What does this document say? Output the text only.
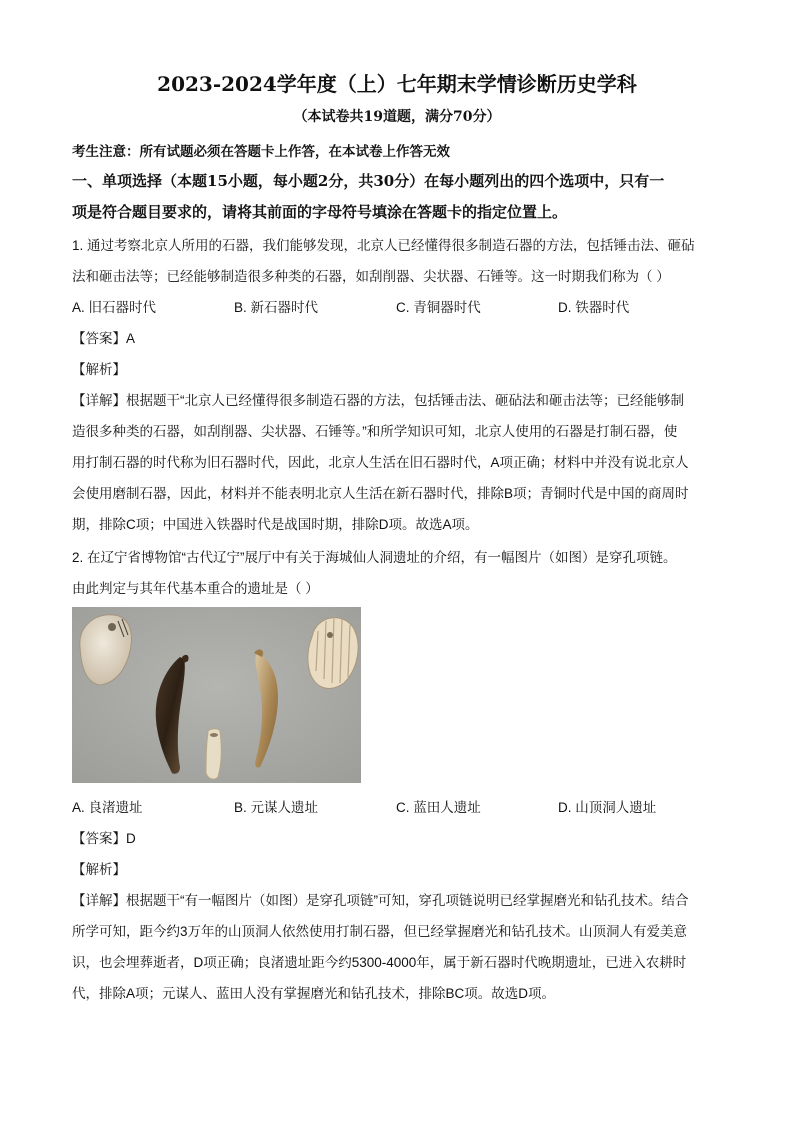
2023-2024学年度（上）七年期末学情诊断历史学科
（本试卷共19道题，满分70分）
考生注意：所有试题必须在答题卡上作答，在本试卷上作答无效
一、单项选择（本题15小题，每小题2分，共30分）在每小题列出的四个选项中，只有一
项是符合题目要求的，请将其前面的字母符号填涂在答题卡的指定位置上。
1. 通过考察北京人所用的石器，我们能够发现，北京人已经懂得很多制造石器的方法，包括锤击法、砸砧
法和砸击法等；已经能够制造很多种类的石器，如刮削器、尖状器、石锤等。这一时期我们称为（ ）
A. 旧石器时代	B. 新石器时代	C. 青铜器时代	D. 铁器时代
【答案】A
【解析】
【详解】根据题干“北京人已经懂得很多制造石器的方法，包括锤击法、砸砧法和砸击法等；已经能够制
造很多种类的石器，如刮削器、尖状器、石锤等。”和所学知识可知，北京人使用的石器是打制石器，使
用打制石器的时代称为旧石器时代，因此，北京人生活在旧石器时代，A项正确；材料中并没有说北京人
会使用磨制石器，因此，材料并不能表明北京人生活在新石器时代，排除B项；青铜时代是中国的商周时
期，排除C项；中国进入铁器时代是战国时期，排除D项。故选A项。
2. 在辽宁省博物馆“古代辽宁”展厅中有关于海城仙人洞遗址的介绍，有一幅图片（如图）是穿孔项链。
由此判定与其年代基本重合的遗址是（ ）
A. 良渚遗址	B. 元谋人遗址	C. 蓝田人遗址	D. 山顶洞人遗址
【答案】D
【解析】
【详解】根据题干“有一幅图片（如图）是穿孔项链”可知，穿孔项链说明已经掌握磨光和钻孔技术。结合
所学可知，距今约3万年的山顶洞人依然使用打制石器，但已经掌握磨光和钻孔技术。山顶洞人有爱美意
识，也会埋葬逝者，D项正确；良渚遗址距今约5300-4000年，属于新石器时代晚期遗址，已进入农耕时
代，排除A项；元谋人、蓝田人没有掌握磨光和钻孔技术，排除BC项。故选D项。
